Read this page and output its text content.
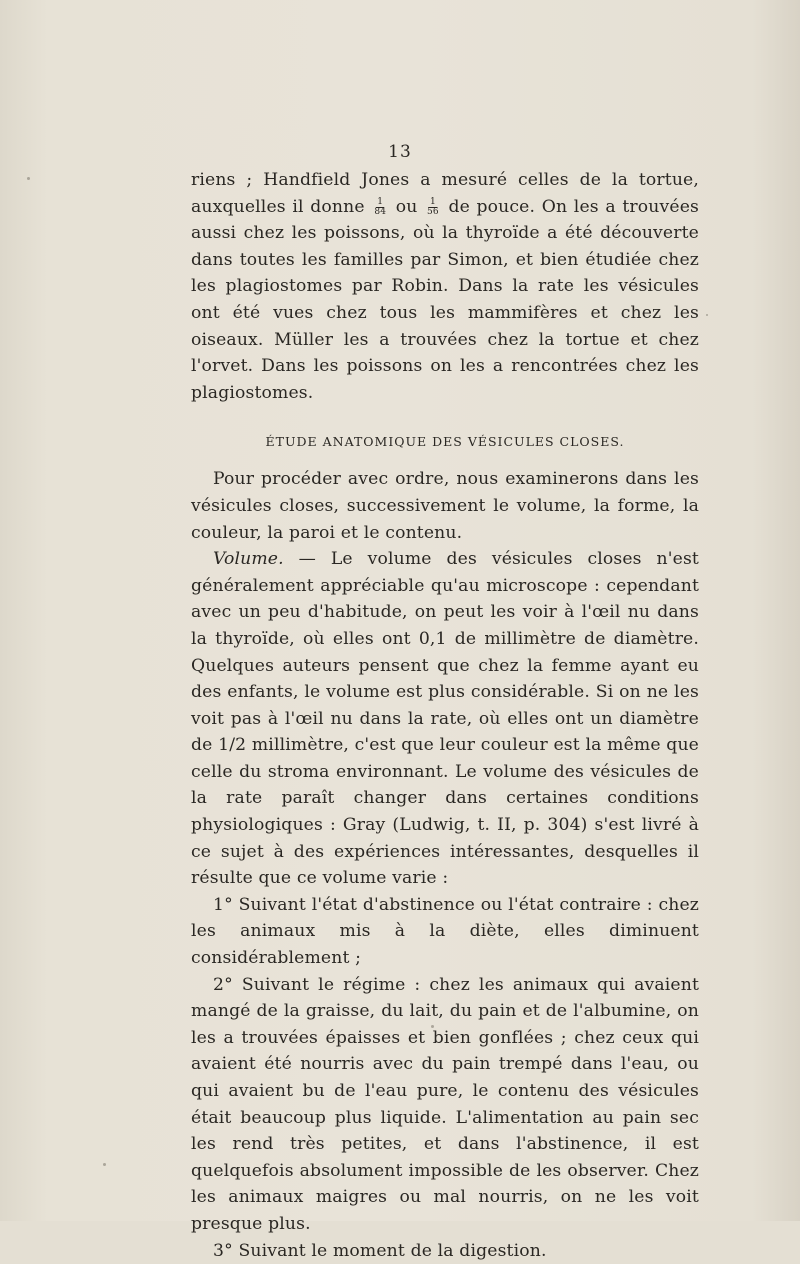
13

riens ; Handfield Jones a mesuré celles de la tortue, auxquelles il donne $\frac{1}{84}$ ou $\frac{1}{56}$ de pouce. On les a trouvées aussi chez les poissons, où la thyroïde a été découverte dans toutes les familles par Simon, et bien étudiée chez les plagiostomes par Robin. Dans la rate les vésicules ont été vues chez tous les mammifères et chez les oiseaux. Müller les a trouvées chez la tortue et chez l'orvet. Dans les poissons on les a rencontrées chez les plagiostomes.

ÉTUDE ANATOMIQUE DES VÉSICULES CLOSES.

Pour procéder avec ordre, nous examinerons dans les vésicules closes, successivement le volume, la forme, la couleur, la paroi et le contenu.

Volume. — Le volume des vésicules closes n'est généralement appréciable qu'au microscope : cependant avec un peu d'habitude, on peut les voir à l'œil nu dans la thyroïde, où elles ont 0,1 de millimètre de diamètre. Quelques auteurs pensent que chez la femme ayant eu des enfants, le volume est plus considérable. Si on ne les voit pas à l'œil nu dans la rate, où elles ont un diamètre de 1/2 millimètre, c'est que leur couleur est la même que celle du stroma environnant. Le volume des vésicules de la rate paraît changer dans certaines conditions physiologiques : Gray (Ludwig, t. II, p. 304) s'est livré à ce sujet à des expériences intéressantes, desquelles il résulte que ce volume varie :

1° Suivant l'état d'abstinence ou l'état contraire : chez les animaux mis à la diète, elles diminuent considérablement ;

2° Suivant le régime : chez les animaux qui avaient mangé de la graisse, du lait, du pain et de l'albumine, on les a trouvées épaisses et bien gonflées ; chez ceux qui avaient été nourris avec du pain trempé dans l'eau, ou qui avaient bu de l'eau pure, le contenu des vésicules était beaucoup plus liquide. L'alimentation au pain sec les rend très petites, et dans l'abstinence, il est quelquefois absolument impossible de les observer. Chez les animaux maigres ou mal nourris, on ne les voit presque plus.

3° Suivant le moment de la digestion.
